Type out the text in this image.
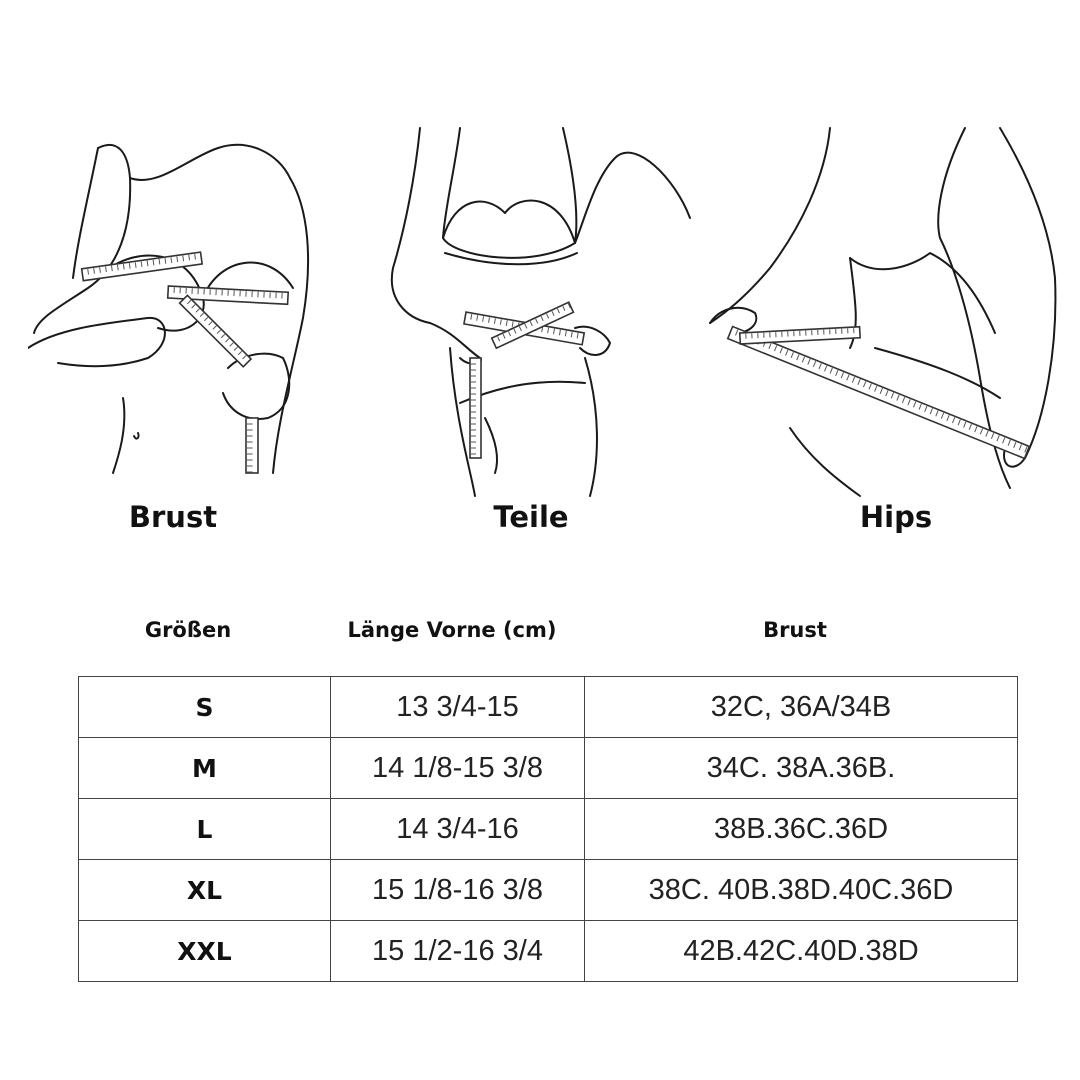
Brust	Teile	Hips
Größen	Länge Vorne (cm)	Brust
S	13 3/4-15	32C, 36A/34B
M	14 1/8-15 3/8	34C. 38A.36B.
L	14 3/4-16	38B.36C.36D
XL	15 1/8-16 3/8	38C. 40B.38D.40C.36D
XXL	15 1/2-16 3/4	42B.42C.40D.38D
